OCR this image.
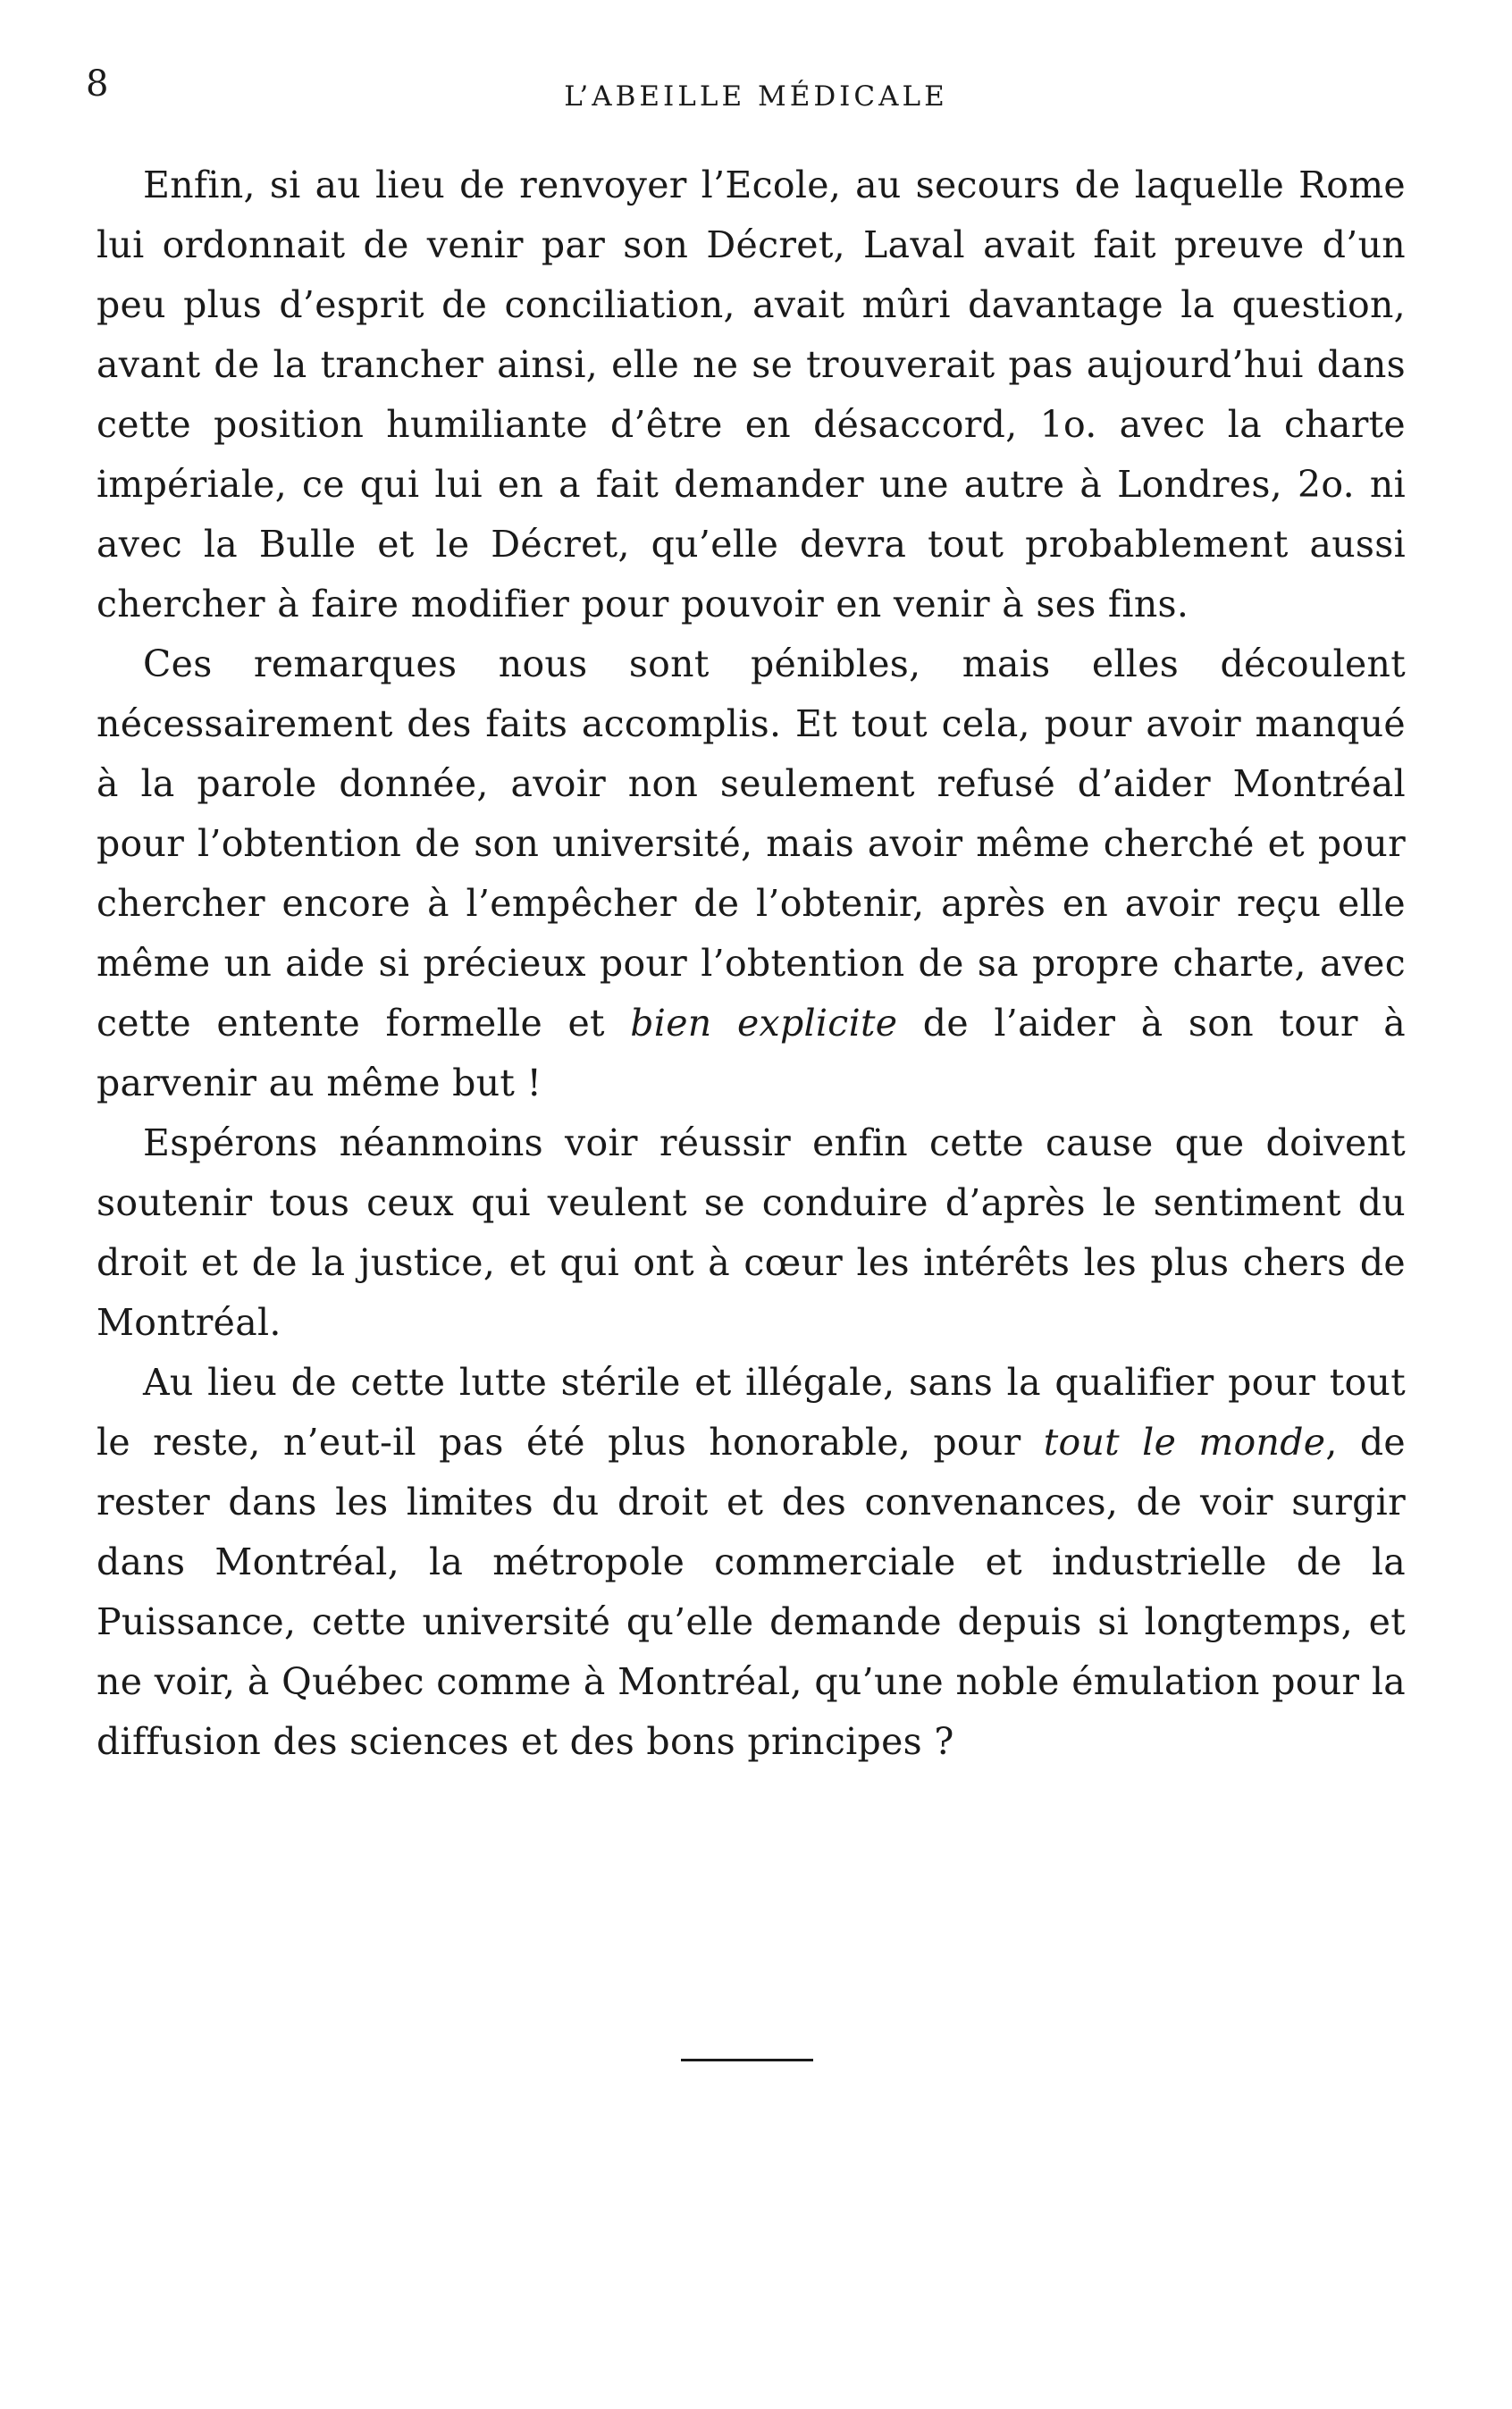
8	L’ABEILLE MÉDICALE

Enfin, si au lieu de renvoyer l’Ecole, au secours de laquelle Rome lui ordonnait de venir par son Décret, Laval avait fait preuve d’un peu plus d’esprit de conciliation, avait mûri davantage la question, avant de la trancher ainsi, elle ne se trouverait pas aujourd’hui dans cette position humiliante d’être en désaccord, 1o. avec la charte impériale, ce qui lui en a fait demander une autre à Londres, 2o. ni avec la Bulle et le Décret, qu’elle devra tout probablement aussi chercher à faire modifier pour pouvoir en venir à ses fins.

Ces remarques nous sont pénibles, mais elles découlent nécessairement des faits accomplis. Et tout cela, pour avoir manqué à la parole donnée, avoir non seulement refusé d’aider Montréal pour l’obtention de son université, mais avoir même cherché et pour chercher encore à l’empêcher de l’obtenir, après en avoir reçu elle même un aide si précieux pour l’obtention de sa propre charte, avec cette entente formelle et bien explicite de l’aider à son tour à parvenir au même but !

Espérons néanmoins voir réussir enfin cette cause que doivent soutenir tous ceux qui veulent se conduire d’après le sentiment du droit et de la justice, et qui ont à cœur les intérêts les plus chers de Montréal.

Au lieu de cette lutte stérile et illégale, sans la qualifier pour tout le reste, n’eut-il pas été plus honorable, pour tout le monde, de rester dans les limites du droit et des convenances, de voir surgir dans Montréal, la métropole commerciale et industrielle de la Puissance, cette université qu’elle demande depuis si longtemps, et ne voir, à Québec comme à Montréal, qu’une noble émulation pour la diffusion des sciences et des bons principes ?
